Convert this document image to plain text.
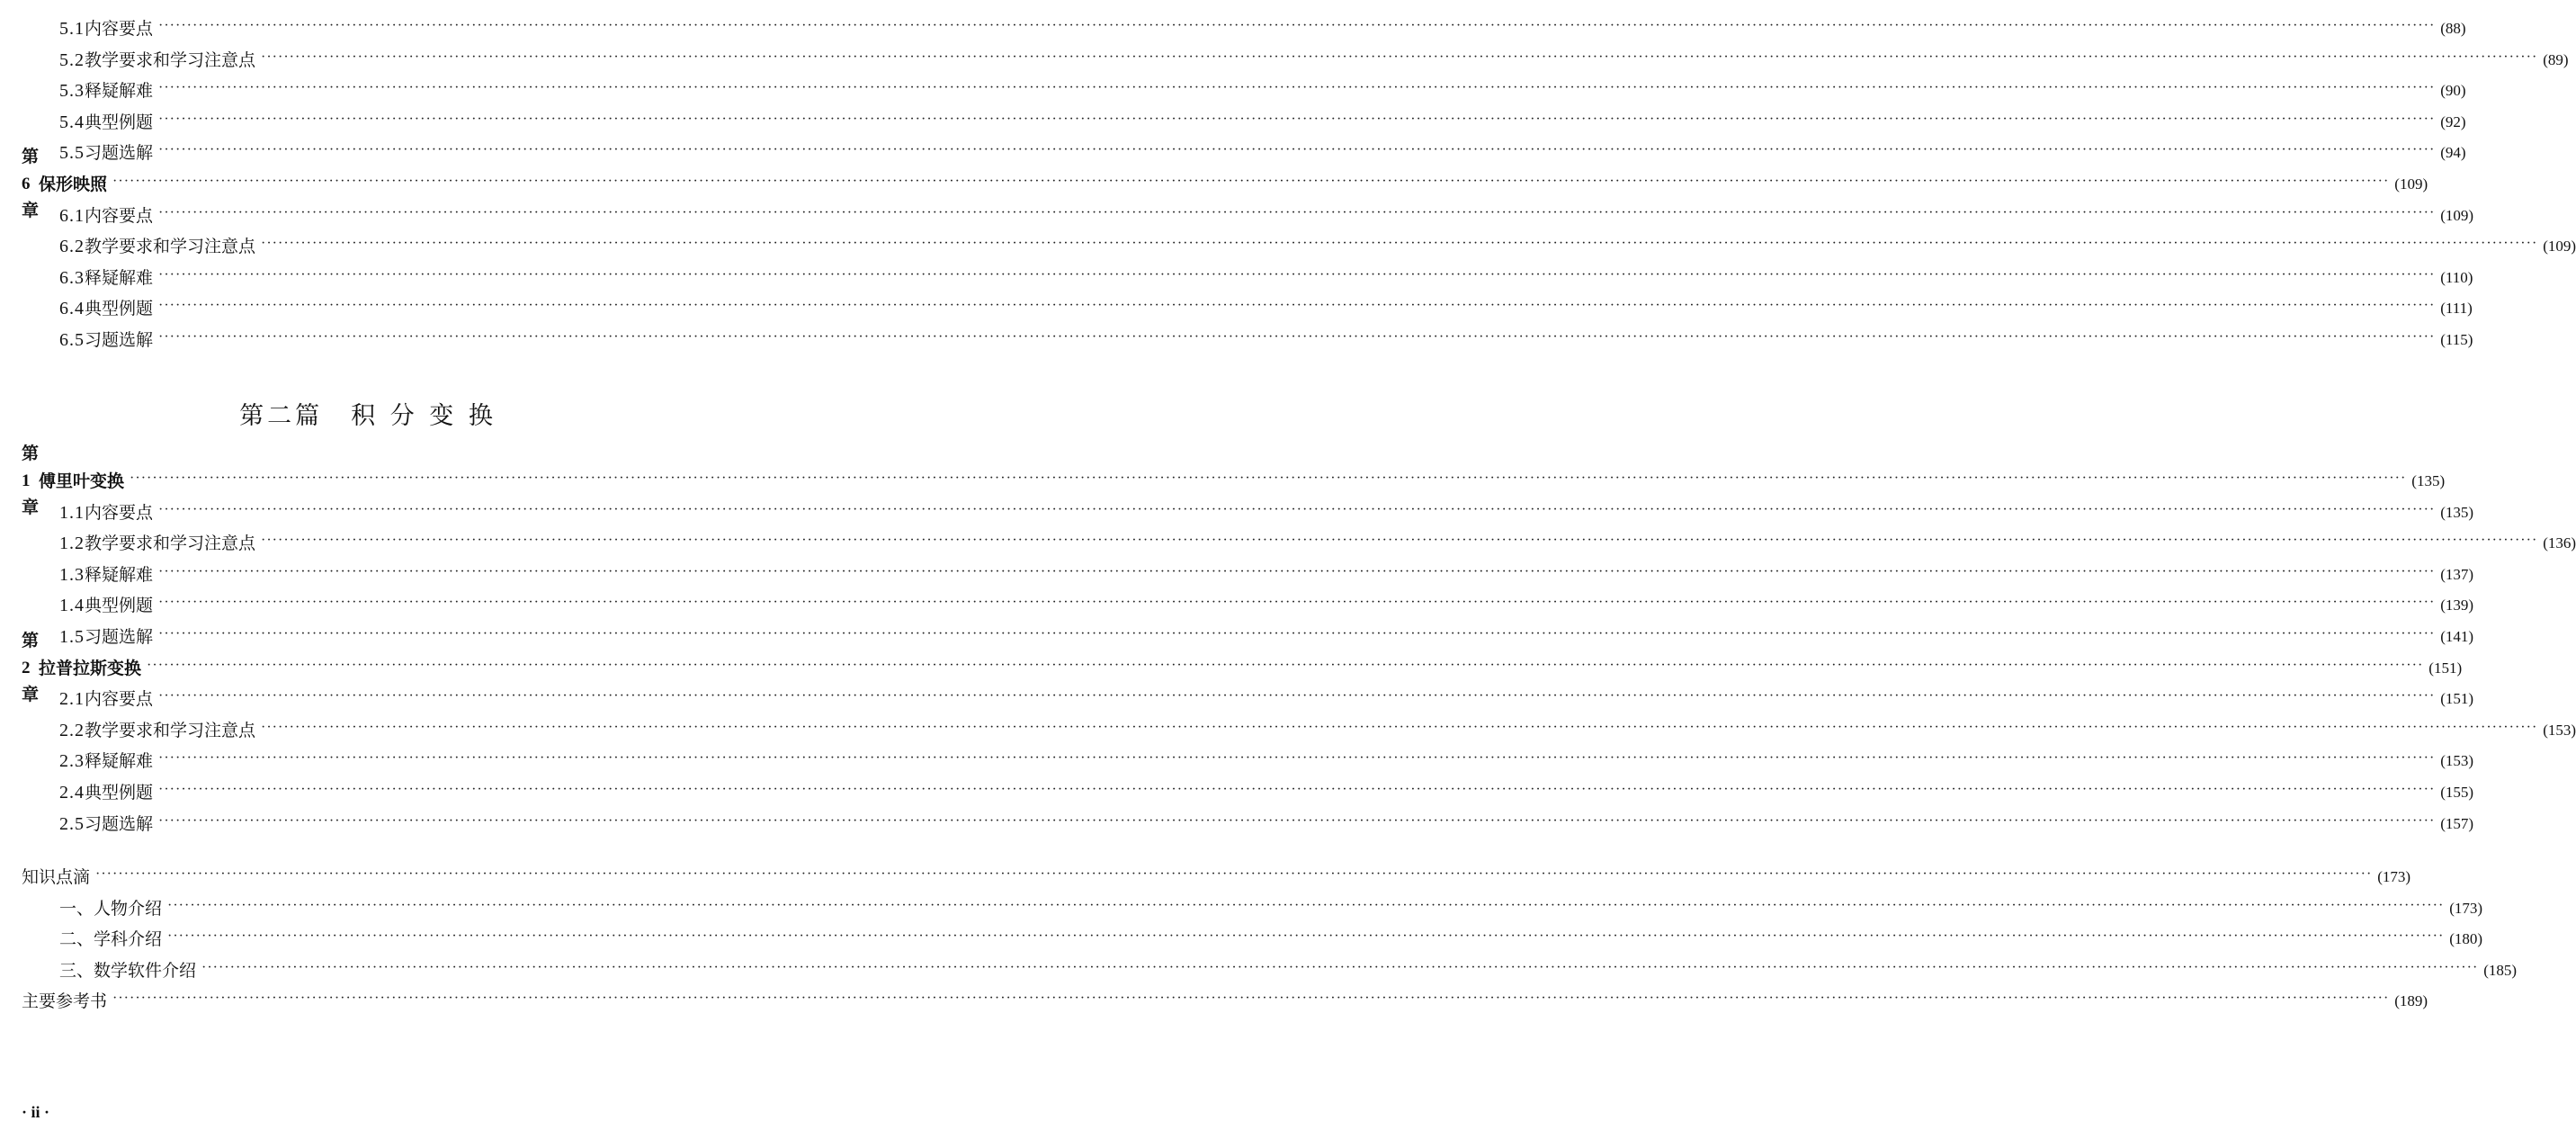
5.1 内容要点 ················································································································································································································································································································································································································ (88)
5.2 教学要求和学习注意点 ················································································································································································································································································································································································································ (89)
5.3 释疑解难 ················································································································································································································································································································································································································ (90)
5.4 典型例题 ················································································································································································································································································································································································································ (92)
5.5 习题选解 ················································································································································································································································································································································································································ (94)
第 6 章
保形映照 ················································································································································································································································································································································································································ (109)
6.1 内容要点 ················································································································································································································································································································································································································ (109)
6.2 教学要求和学习注意点 ················································································································································································································································································································································································································ (109)
6.3 释疑解难 ················································································································································································································································································································································································································ (110)
6.4 典型例题 ················································································································································································································································································································································································································ (111)
6.5 习题选解 ················································································································································································································································································································································································································ (115)
第二篇　积 分 变 换
第 1 章
傅里叶变换 ················································································································································································································································································································································································································ (135)
1.1 内容要点 ················································································································································································································································································································································································································ (135)
1.2 教学要求和学习注意点 ················································································································································································································································································································································································································ (136)
1.3 释疑解难 ················································································································································································································································································································································································································ (137)
1.4 典型例题 ················································································································································································································································································································································································································ (139)
1.5 习题选解 ················································································································································································································································································································································································································ (141)
第 2 章
拉普拉斯变换 ················································································································································································································································································································································································································ (151)
2.1 内容要点 ················································································································································································································································································································································································································ (151)
2.2 教学要求和学习注意点 ················································································································································································································································································································································································································ (153)
2.3 释疑解难 ················································································································································································································································································································································································································ (153)
2.4 典型例题 ················································································································································································································································································································································································································ (155)
2.5 习题选解 ················································································································································································································································································································································································································ (157)
知识点滴 ················································································································································································································································································································································································································ (173)
一、人物介绍 ················································································································································································································································································································································································································ (173)
二、学科介绍 ················································································································································································································································································································································································································ (180)
三、数学软件介绍 ················································································································································································································································································································································································································ (185)
主要参考书 ················································································································································································································································································································································································································ (189)
· ii ·
